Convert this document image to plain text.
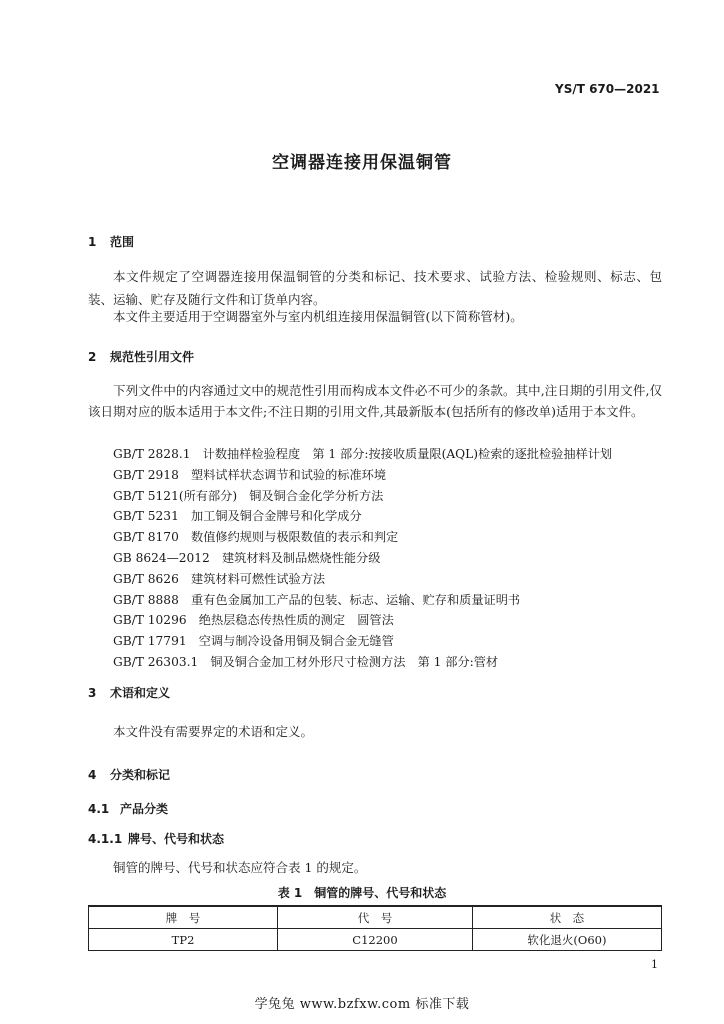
YS/T 670—2021
空调器连接用保温铜管
1 范围
本文件规定了空调器连接用保温铜管的分类和标记、技术要求、试验方法、检验规则、标志、包装、运输、贮存及随行文件和订货单内容。
本文件主要适用于空调器室外与室内机组连接用保温铜管(以下简称管材)。
2 规范性引用文件
下列文件中的内容通过文中的规范性引用而构成本文件必不可少的条款。其中,注日期的引用文件,仅该日期对应的版本适用于本文件;不注日期的引用文件,其最新版本(包括所有的修改单)适用于本文件。
GB/T 2828.1　计数抽样检验程度　第 1 部分:按接收质量限(AQL)检索的逐批检验抽样计划
GB/T 2918　塑料试样状态调节和试验的标准环境
GB/T 5121(所有部分)　铜及铜合金化学分析方法
GB/T 5231　加工铜及铜合金牌号和化学成分
GB/T 8170　数值修约规则与极限数值的表示和判定
GB 8624—2012　建筑材料及制品燃烧性能分级
GB/T 8626　建筑材料可燃性试验方法
GB/T 8888　重有色金属加工产品的包装、标志、运输、贮存和质量证明书
GB/T 10296　绝热层稳态传热性质的测定　圆管法
GB/T 17791　空调与制冷设备用铜及铜合金无缝管
GB/T 26303.1　铜及铜合金加工材外形尺寸检测方法　第 1 部分:管材
3 术语和定义
本文件没有需要界定的术语和定义。
4 分类和标记
4.1 产品分类
4.1.1 牌号、代号和状态
铜管的牌号、代号和状态应符合表 1 的规定。
表 1　铜管的牌号、代号和状态
牌　号	代　号	状　态
TP2	C12200	软化退火(O60)
1
学兔兔 www.bzfxw.com 标准下载
